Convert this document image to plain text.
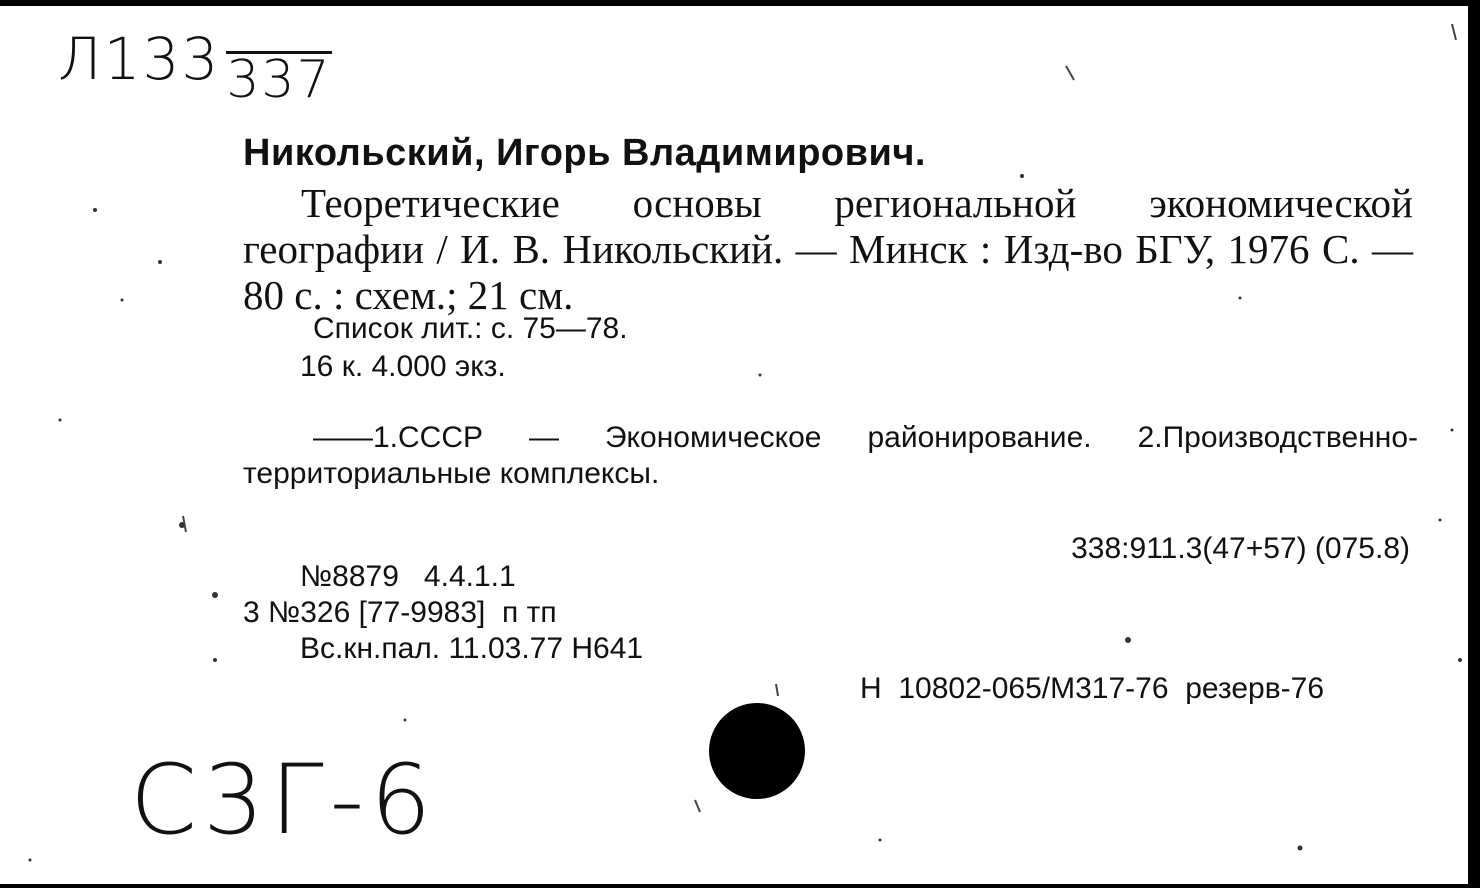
Л133 337
Никольский, Игорь Владимирович.

Теоретические основы региональной экономической географии / И. В. Никольский. — Минск : Изд-во БГУ, 1976 С. — 80 с. : схем.; 21 см.

Список лит.: с. 75—78.
16 к. 4.000 экз.

——1.СССР — Экономическое районирование. 2.Производственно-территориальные комплексы.

338:911.3(47+57) (075.8)
№8879   4.4.1.1
3 №326 [77-9983]  п тп
Вс.кн.пал. 11.03.77 Н641
Н  10802-065/М317-76  резерв-76
С3Г-6
